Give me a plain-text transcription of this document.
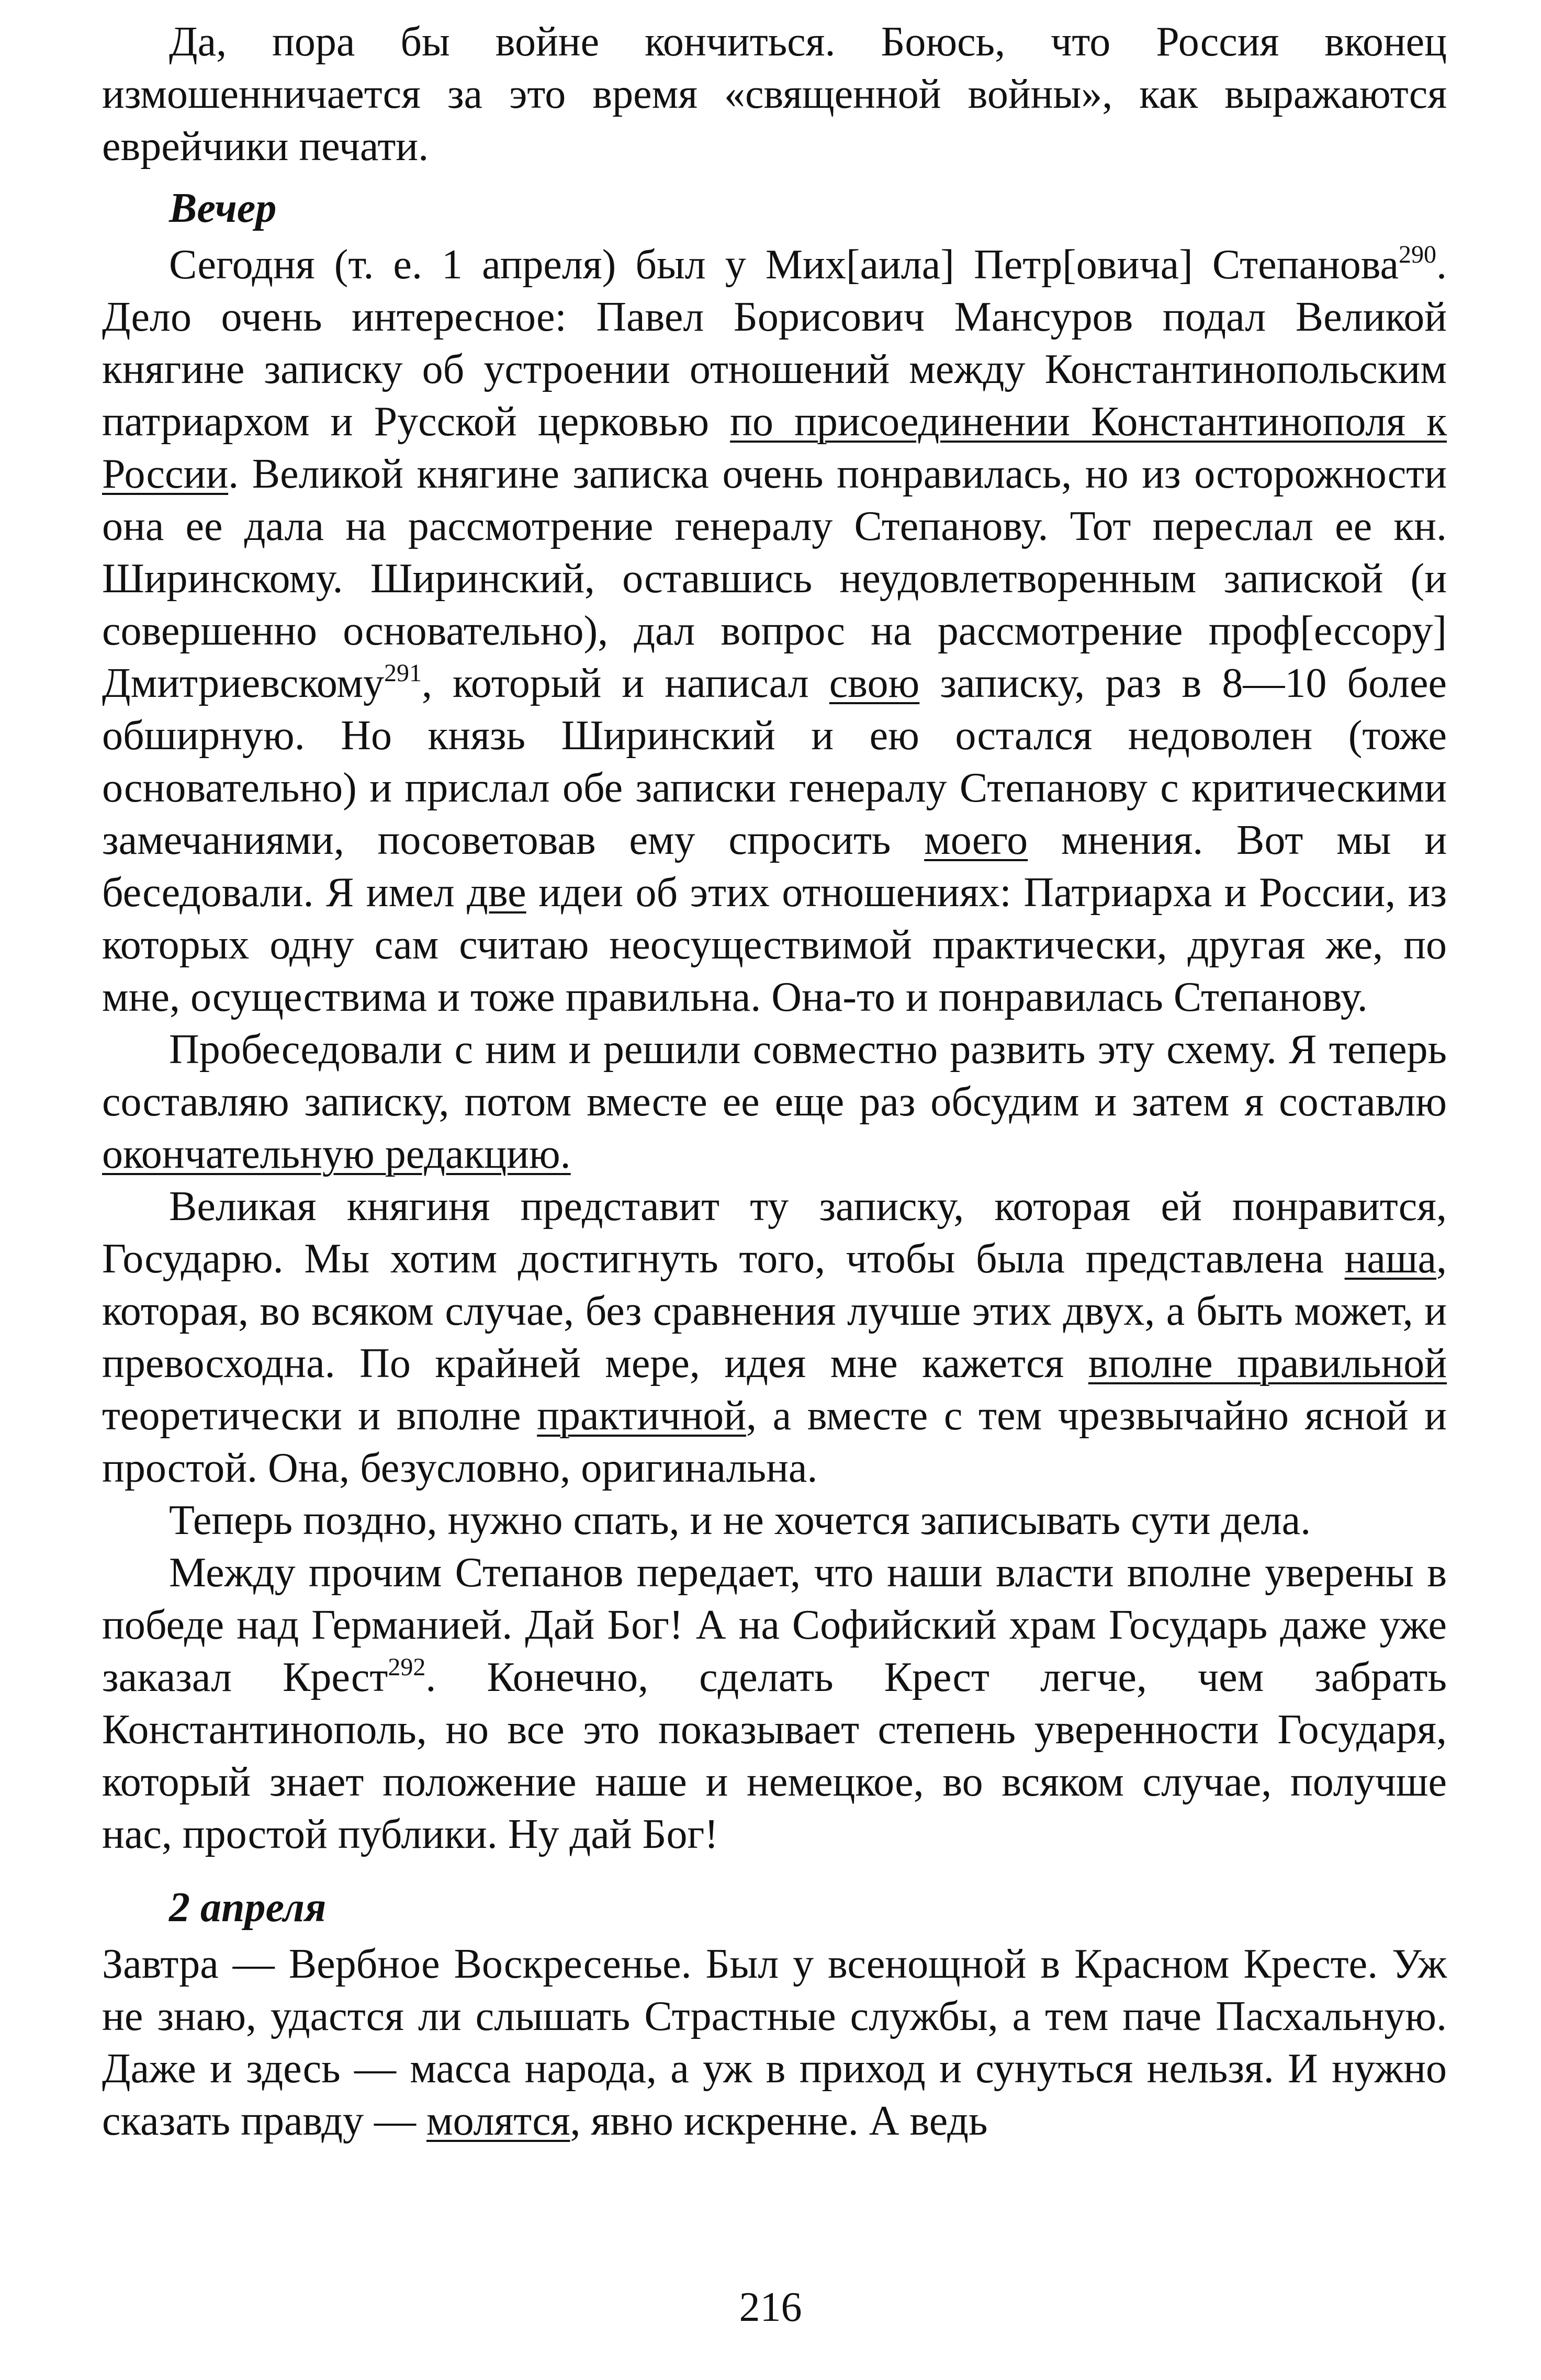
Да, пора бы войне кончиться. Боюсь, что Россия вконец измошенничается за это время «священной войны», как выражаются еврейчики печати.

Вечер

Сегодня (т. е. 1 апреля) был у Мих[аила] Петр[овича] Степанова$^{290}$. Дело очень интересное: Павел Борисович Мансуров подал Великой княгине записку об устроении отношений между Константинопольским патриархом и Русской церковью по присоединении Константинополя к России. Великой княгине записка очень понравилась, но из осторожности она ее дала на рассмотрение генералу Степанову. Тот переслал ее кн. Ширинскому. Ширинский, оставшись неудовлетворенным запиской (и совершенно основательно), дал вопрос на рассмотрение проф[ессору] Дмитриевскому$^{291}$, который и написал свою записку, раз в 8—10 более обширную. Но князь Ширинский и ею остался недоволен (тоже основательно) и прислал обе записки генералу Степанову с критическими замечаниями, посоветовав ему спросить моего мнения. Вот мы и беседовали. Я имел две идеи об этих отношениях: Патриарха и России, из которых одну сам считаю неосуществимой практически, другая же, по мне, осуществима и тоже правильна. Она-то и понравилась Степанову.

Пробеседовали с ним и решили совместно развить эту схему. Я теперь составляю записку, потом вместе ее еще раз обсудим и затем я составлю окончательную редакцию.

Великая княгиня представит ту записку, которая ей понравится, Государю. Мы хотим достигнуть того, чтобы была представлена наша, которая, во всяком случае, без сравнения лучше этих двух, а быть может, и превосходна. По крайней мере, идея мне кажется вполне правильной теоретически и вполне практичной, а вместе с тем чрезвычайно ясной и простой. Она, безусловно, оригинальна.

Теперь поздно, нужно спать, и не хочется записывать сути дела.

Между прочим Степанов передает, что наши власти вполне уверены в победе над Германией. Дай Бог! А на Софийский храм Государь даже уже заказал Крест$^{292}$. Конечно, сделать Крест легче, чем забрать Константинополь, но все это показывает степень уверенности Государя, который знает положение наше и немецкое, во всяком случае, получше нас, простой публики. Ну дай Бог!

2 апреля

Завтра — Вербное Воскресенье. Был у всенощной в Красном Кресте. Уж не знаю, удастся ли слышать Страстные службы, а тем паче Пасхальную. Даже и здесь — масса народа, а уж в приход и сунуться нельзя. И нужно сказать правду — молятся, явно искренне. А ведь

216
